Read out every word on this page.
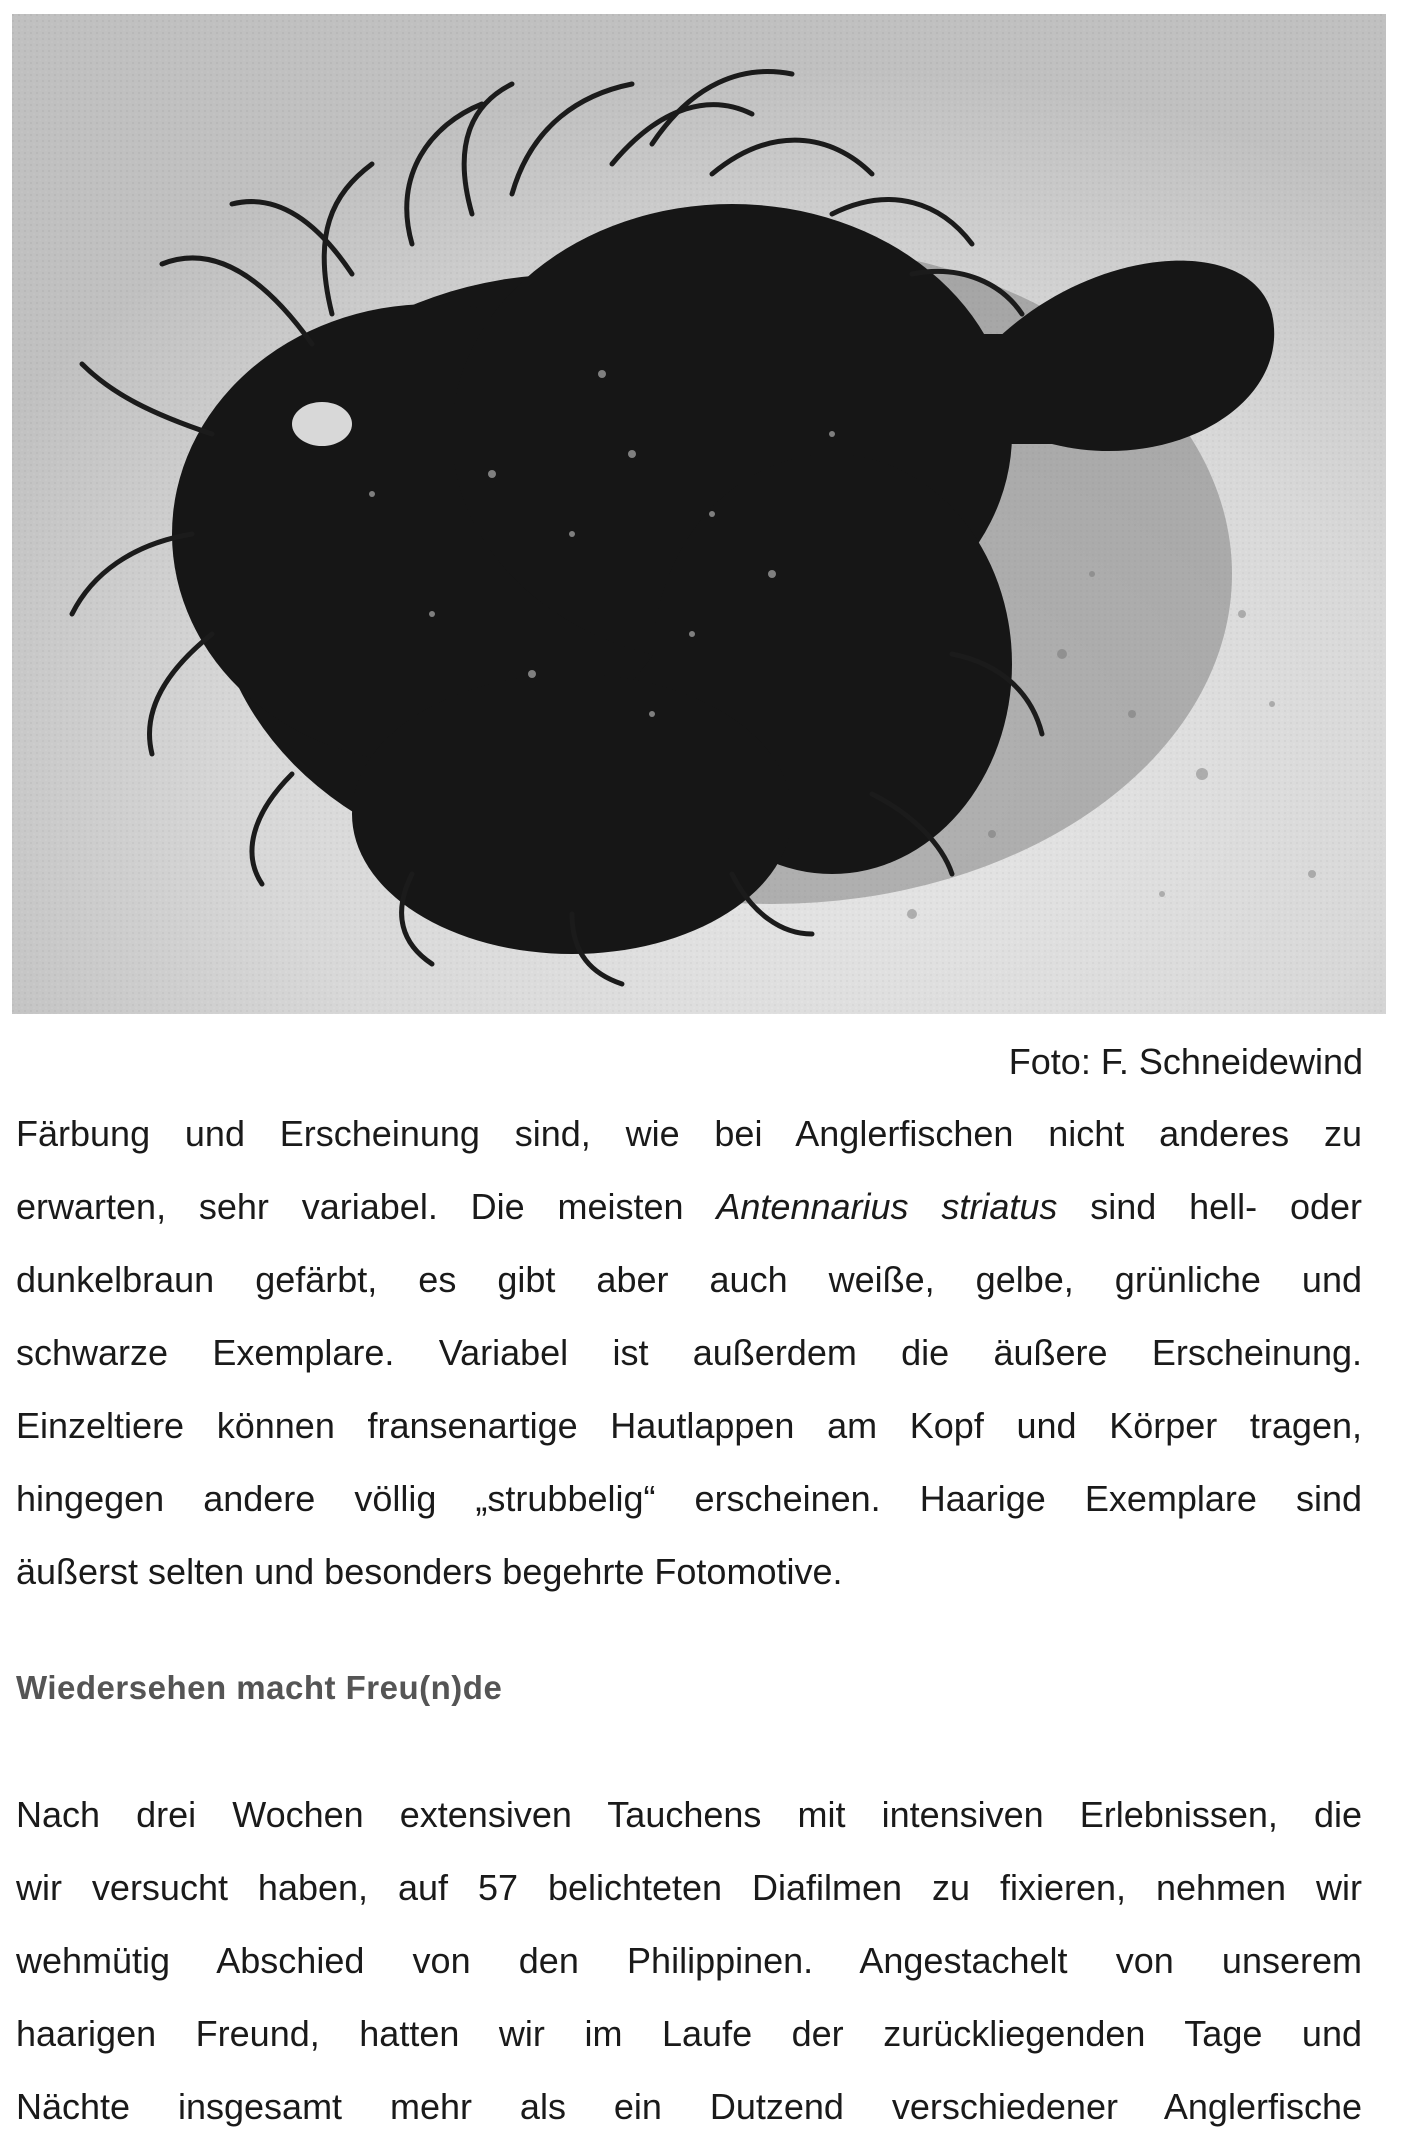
Foto: F. Schneidewind
Färbung und Erscheinung sind, wie bei Anglerfischen nicht anderes zu
erwarten, sehr variabel. Die meisten Antennarius striatus sind hell- oder
dunkelbraun gefärbt, es gibt aber auch weiße, gelbe, grünliche und
schwarze Exemplare. Variabel ist außerdem die äußere Erscheinung.
Einzeltiere können fransenartige Hautlappen am Kopf und Körper tragen,
hingegen andere völlig „strubbelig“ erscheinen. Haarige Exemplare sind
äußerst selten und besonders begehrte Fotomotive.
Wiedersehen macht Freu(n)de
Nach drei Wochen extensiven Tauchens mit intensiven Erlebnissen, die
wir versucht haben, auf 57 belichteten Diafilmen zu fixieren, nehmen wir
wehmütig Abschied von den Philippinen. Angestachelt von unserem
haarigen Freund, hatten wir im Laufe der zurückliegenden Tage und
Nächte insgesamt mehr als ein Dutzend verschiedener Anglerfische
